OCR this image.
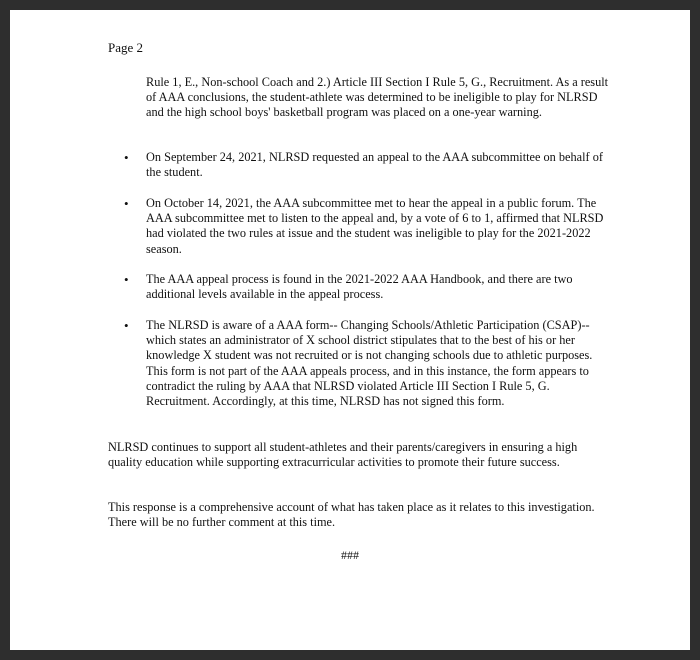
Page 2

Rule 1, E., Non-school Coach and 2.) Article III Section I Rule 5, G., Recruitment. As a result of AAA conclusions, the student-athlete was determined to be ineligible to play for NLRSD and the high school boys' basketball program was placed on a one-year warning.

• On September 24, 2021, NLRSD requested an appeal to the AAA subcommittee on behalf of the student.

• On October 14, 2021, the AAA subcommittee met to hear the appeal in a public forum. The AAA subcommittee met to listen to the appeal and, by a vote of 6 to 1, affirmed that NLRSD had violated the two rules at issue and the student was ineligible to play for the 2021-2022 season.

• The AAA appeal process is found in the 2021-2022 AAA Handbook, and there are two additional levels available in the appeal process.

• The NLRSD is aware of a AAA form-- Changing Schools/Athletic Participation (CSAP)--which states an administrator of X school district stipulates that to the best of his or her knowledge X student was not recruited or is not changing schools due to athletic purposes. This form is not part of the AAA appeals process, and in this instance, the form appears to contradict the ruling by AAA that NLRSD violated Article III Section I Rule 5, G. Recruitment. Accordingly, at this time, NLRSD has not signed this form.

NLRSD continues to support all student-athletes and their parents/caregivers in ensuring a high quality education while supporting extracurricular activities to promote their future success.

This response is a comprehensive account of what has taken place as it relates to this investigation. There will be no further comment at this time.

###
